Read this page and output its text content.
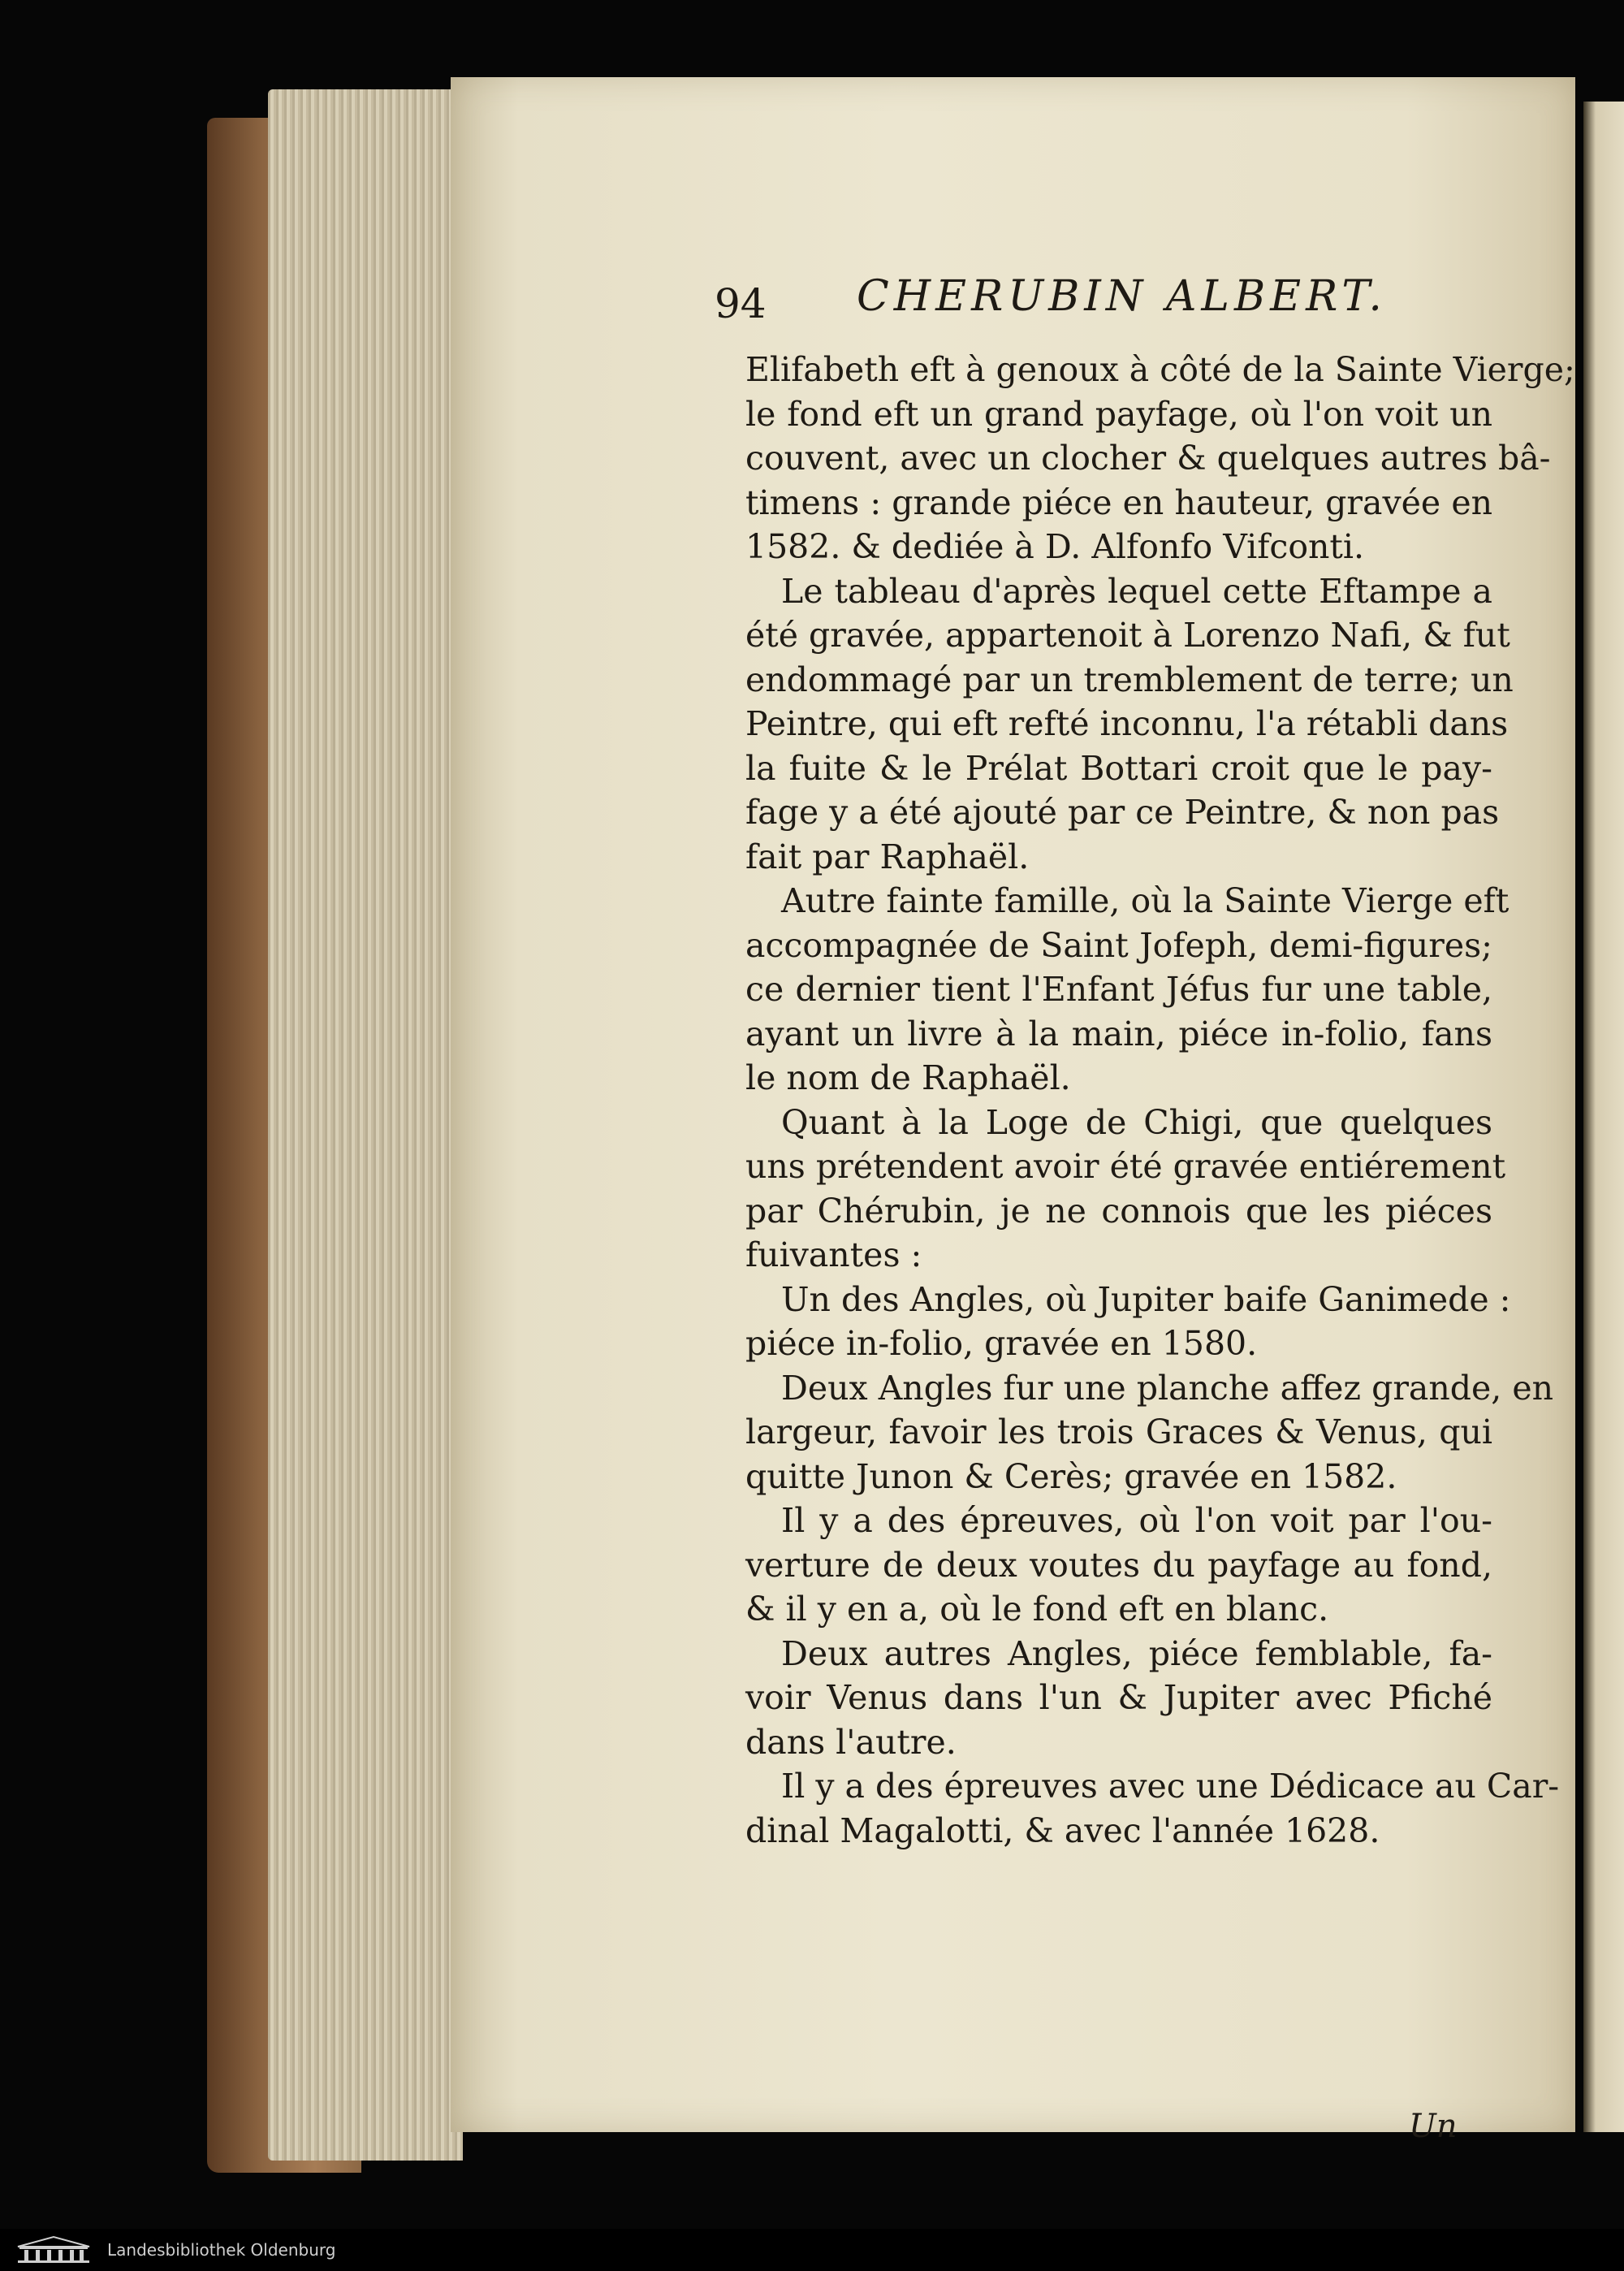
94 CHERUBIN ALBERT.
Elifabeth eft à genoux à côté de la Sainte Vierge;
le fond eft un grand payfage, où l'on voit un
couvent, avec un clocher & quelques autres bâ-
timens : grande piéce en hauteur, gravée en
1582. & dediée à D. Alfonfo Vifconti.
Le tableau d'après lequel cette Eftampe a
été gravée, appartenoit à Lorenzo Nafi, & fut
endommagé par un tremblement de terre; un
Peintre, qui eft refté inconnu, l'a rétabli dans
la fuite & le Prélat Bottari croit que le pay-
fage y a été ajouté par ce Peintre, & non pas
fait par Raphaël.
Autre fainte famille, où la Sainte Vierge eft
accompagnée de Saint Jofeph, demi-figures;
ce dernier tient l'Enfant Jéfus fur une table,
ayant un livre à la main, piéce in-folio, fans
le nom de Raphaël.
Quant à la Loge de Chigi, que quelques
uns prétendent avoir été gravée entiérement
par Chérubin, je ne connois que les piéces
fuivantes :
Un des Angles, où Jupiter baife Ganimede :
piéce in-folio, gravée en 1580.
Deux Angles fur une planche affez grande, en
largeur, favoir les trois Graces & Venus, qui
quitte Junon & Cerès; gravée en 1582.
Il y a des épreuves, où l'on voit par l'ou-
verture de deux voutes du payfage au fond,
& il y en a, où le fond eft en blanc.
Deux autres Angles, piéce femblable, fa-
voir Venus dans l'un & Jupiter avec Pfiché
dans l'autre.
Il y a des épreuves avec une Dédicace au Car-
dinal Magalotti, & avec l'année 1628.
Un
Landesbibliothek Oldenburg
